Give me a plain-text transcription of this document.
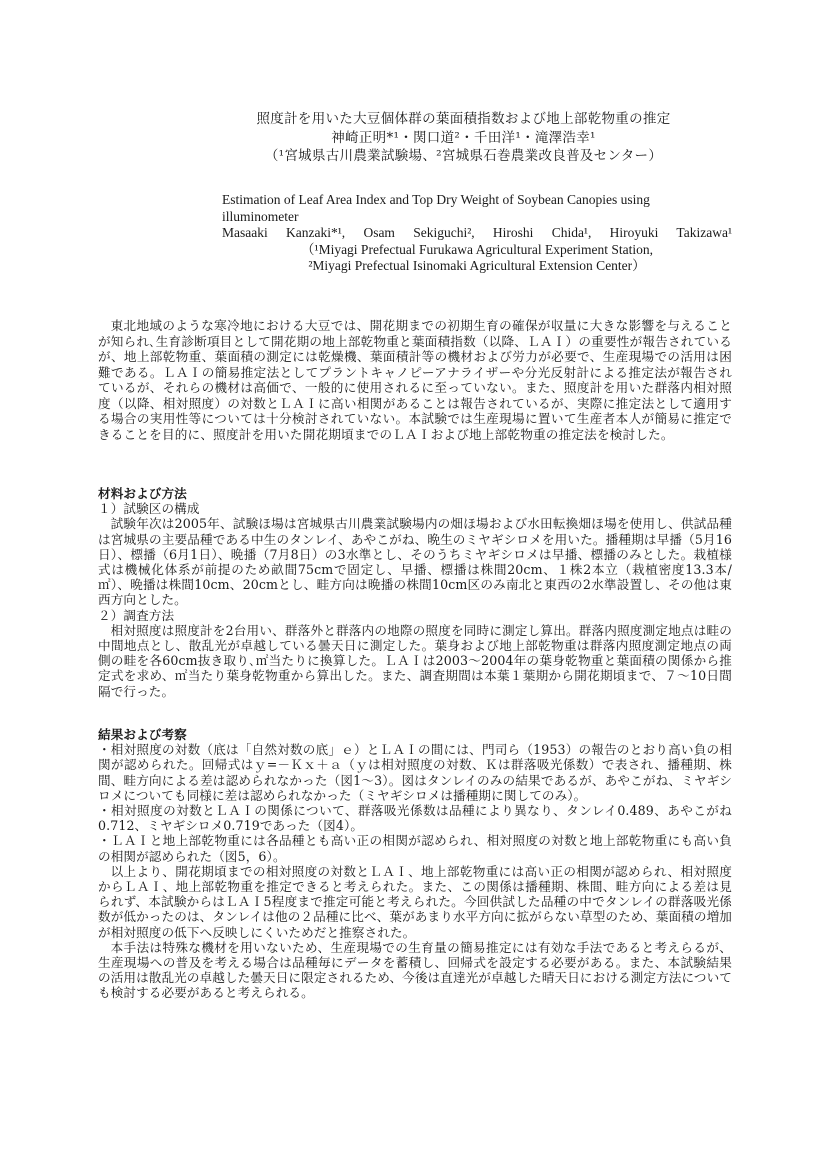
照度計を用いた大豆個体群の葉面積指数および地上部乾物重の推定
神崎正明*¹・関口道²・千田洋¹・滝澤浩幸¹
（¹宮城県古川農業試験場、²宮城県石巻農業改良普及センター）
Estimation of Leaf Area Index and Top Dry Weight of Soybean Canopies using
illuminometer
Masaaki Kanzaki*¹, Osam Sekiguchi², Hiroshi Chida¹, Hiroyuki Takizawa¹
（¹Miyagi Prefectual Furukawa Agricultural Experiment Station,
²Miyagi Prefectual Isinomaki Agricultural Extension Center）

東北地域のような寒冷地における大豆では、開花期までの初期生育の確保が収量に大きな影響を与えることが知られ､生育診断項目として開花期の地上部乾物重と葉面積指数（以降、ＬＡＩ）の重要性が報告されているが、地上部乾物重、葉面積の測定には乾燥機、葉面積計等の機材および労力が必要で、生産現場での活用は困難である。ＬＡＩの簡易推定法としてプラントキャノピーアナライザーや分光反射計による推定法が報告されているが、それらの機材は高価で、一般的に使用されるに至っていない。また、照度計を用いた群落内相対照度（以降、相対照度）の対数とＬＡＩに高い相関があることは報告されているが、実際に推定法として適用する場合の実用性等については十分検討されていない。本試験では生産現場に置いて生産者本人が簡易に推定できることを目的に、照度計を用いた開花期頃までのＬＡＩおよび地上部乾物重の推定法を検討した。

材料および方法

１）試験区の構成

試験年次は2005年、試験ほ場は宮城県古川農業試験場内の畑ほ場および水田転換畑ほ場を使用し、供試品種は宮城県の主要品種である中生のタンレイ、あやこがね、晩生のミヤギシロメを用いた。播種期は早播（5月16日）、標播（6月1日）、晩播（7月8日）の3水準とし、そのうちミヤギシロメは早播、標播のみとした。栽植様式は機械化体系が前提のため畝間75cmで固定し、早播、標播は株間20cm、１株2本立（栽植密度13.3本/㎡）、晩播は株間10cm、20cmとし、畦方向は晩播の株間10cm区のみ南北と東西の2水準設置し、その他は東西方向とした。

２）調査方法

相対照度は照度計を2台用い、群落外と群落内の地際の照度を同時に測定し算出。群落内照度測定地点は畦の中間地点とし、散乱光が卓越している曇天日に測定した。葉身および地上部乾物重は群落内照度測定地点の両側の畦を各60cm抜き取り､㎡当たりに換算した。ＬＡＩは2003～2004年の葉身乾物重と葉面積の関係から推定式を求め、㎡当たり葉身乾物重から算出した。また、調査期間は本葉１葉期から開花期頃まで、７～10日間隔で行った。

結果および考察

・相対照度の対数（底は「自然対数の底」ｅ）とＬＡＩの間には、門司ら（1953）の報告のとおり高い負の相関が認められた。回帰式はｙ=－Ｋｘ＋ａ（ｙは相対照度の対数、Ｋは群落吸光係数）で表され、播種期、株間、畦方向による差は認められなかった（図1～3）。図はタンレイのみの結果であるが、あやこがね、ミヤギシロメについても同様に差は認められなかった（ミヤギシロメは播種期に関してのみ）。

・相対照度の対数とＬＡＩの関係について、群落吸光係数は品種により異なり、タンレイ0.489、あやこがね0.712、ミヤギシロメ0.719であった（図4）。

・ＬＡＩと地上部乾物重には各品種とも高い正の相関が認められ、相対照度の対数と地上部乾物重にも高い負の相関が認められた（図5，6）。

以上より、開花期頃までの相対照度の対数とＬＡＩ、地上部乾物重には高い正の相関が認められ、相対照度からＬＡＩ、地上部乾物重を推定できると考えられた。また、この関係は播種期、株間、畦方向による差は見られず、本試験からはＬＡＩ5程度まで推定可能と考えられた。今回供試した品種の中でタンレイの群落吸光係数が低かったのは、タンレイは他の２品種に比べ、葉があまり水平方向に拡がらない草型のため、葉面積の増加が相対照度の低下へ反映しにくいためだと推察された。

本手法は特殊な機材を用いないため、生産現場での生育量の簡易推定には有効な手法であると考えらるが、生産現場への普及を考える場合は品種毎にデータを蓄積し、回帰式を設定する必要がある。また、本試験結果の活用は散乱光の卓越した曇天日に限定されるため、今後は直達光が卓越した晴天日における測定方法についても検討する必要があると考えられる。
